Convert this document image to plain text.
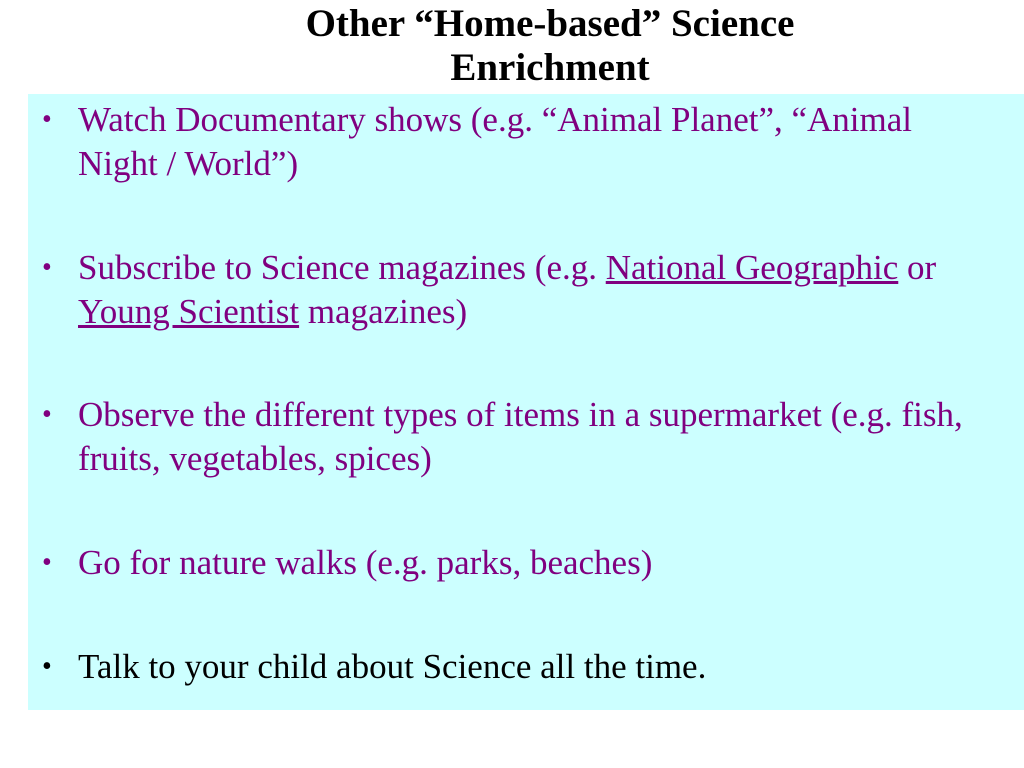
Other “Home-based” Science
Enrichment
• Watch Documentary shows (e.g. “Animal Planet”, “Animal Night / World”)
• Subscribe to Science magazines (e.g. National Geographic or Young Scientist magazines)
• Observe the different types of items in a supermarket (e.g. fish, fruits, vegetables, spices)
• Go for nature walks (e.g. parks, beaches)
• Talk to your child about Science all the time.
